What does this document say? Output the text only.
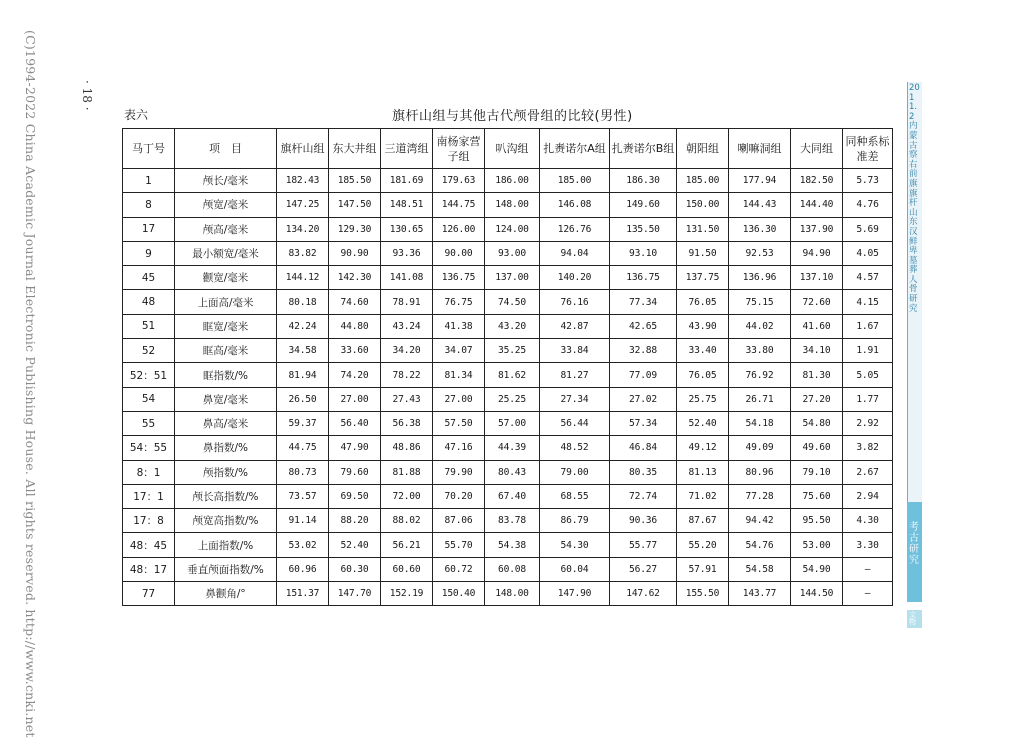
(C)1994-2022 China Academic Journal Electronic Publishing House. All rights reserved. http://www.cnki.net	· 18 ·
表六	旗杆山组与其他古代颅骨组的比较(男性)
马丁号	项　目	旗杆山组	东大井组	三道湾组	南杨家营子组	叭沟组	扎赉诺尔A组	扎赉诺尔B组	朝阳组	喇嘛洞组	大同组	同种系标准差
1	颅长/毫米	182.43	185.50	181.69	179.63	186.00	185.00	186.30	185.00	177.94	182.50	5.73
8	颅宽/毫米	147.25	147.50	148.51	144.75	148.00	146.08	149.60	150.00	144.43	144.40	4.76
17	颅高/毫米	134.20	129.30	130.65	126.00	124.00	126.76	135.50	131.50	136.30	137.90	5.69
9	最小额宽/毫米	83.82	90.90	93.36	90.00	93.00	94.04	93.10	91.50	92.53	94.90	4.05
45	颧宽/毫米	144.12	142.30	141.08	136.75	137.00	140.20	136.75	137.75	136.96	137.10	4.57
48	上面高/毫米	80.18	74.60	78.91	76.75	74.50	76.16	77.34	76.05	75.15	72.60	4.15
51	眶宽/毫米	42.24	44.80	43.24	41.38	43.20	42.87	42.65	43.90	44.02	41.60	1.67
52	眶高/毫米	34.58	33.60	34.20	34.07	35.25	33.84	32.88	33.40	33.80	34.10	1.91
52：51	眶指数/%	81.94	74.20	78.22	81.34	81.62	81.27	77.09	76.05	76.92	81.30	5.05
54	鼻宽/毫米	26.50	27.00	27.43	27.00	25.25	27.34	27.02	25.75	26.71	27.20	1.77
55	鼻高/毫米	59.37	56.40	56.38	57.50	57.00	56.44	57.34	52.40	54.18	54.80	2.92
54：55	鼻指数/%	44.75	47.90	48.86	47.16	44.39	48.52	46.84	49.12	49.09	49.60	3.82
8：1	颅指数/%	80.73	79.60	81.88	79.90	80.43	79.00	80.35	81.13	80.96	79.10	2.67
17：1	颅长高指数/%	73.57	69.50	72.00	70.20	67.40	68.55	72.74	71.02	77.28	75.60	2.94
17：8	颅宽高指数/%	91.14	88.20	88.02	87.06	83.78	86.79	90.36	87.67	94.42	95.50	4.30
48：45	上面指数/%	53.02	52.40	56.21	55.70	54.38	54.30	55.77	55.20	54.76	53.00	3.30
48：17	垂直颅面指数/%	60.96	60.30	60.60	60.72	60.08	60.04	56.27	57.91	54.58	54.90	—
77	鼻颧角/°	151.37	147.70	152.19	150.40	148.00	147.90	147.62	155.50	143.77	144.50	—
2011.2 内蒙古察右前旗旗杆山东汉鲜卑墓葬人骨研究
考古研究
文物
